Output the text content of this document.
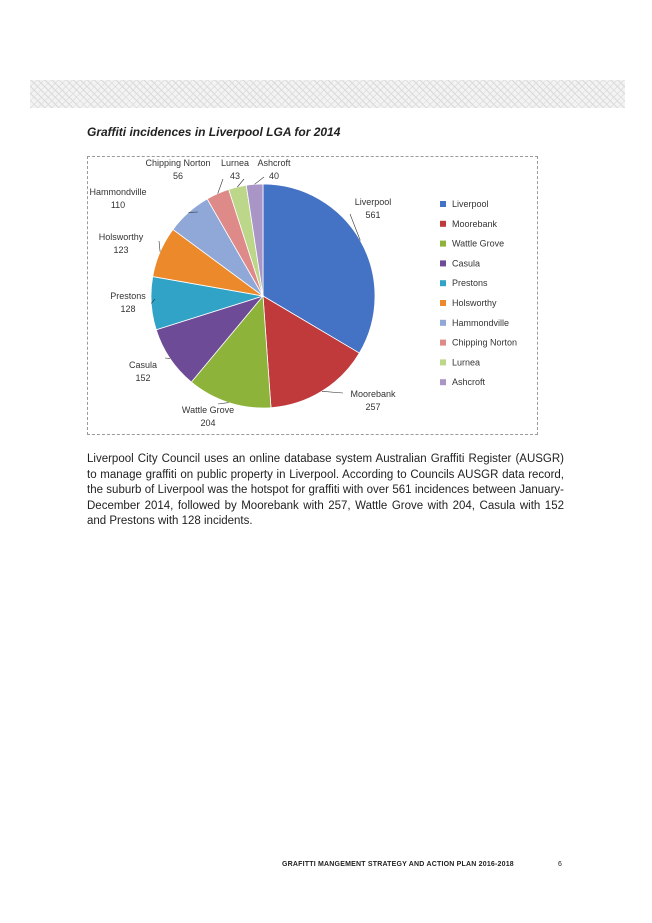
Graffiti incidences in Liverpool LGA for 2014
Liverpool
561
Moorebank
257
Wattle Grove
204
Casula
152
Prestons
128
Holsworthy
123
Hammondville
110
Chipping Norton
56
Lurnea
43
Ashcroft
40
Liverpool
Moorebank
Wattle Grove
Casula
Prestons
Holsworthy
Hammondville
Chipping Norton
Lurnea
Ashcroft
Liverpool City Council uses an online database system Australian Graffiti Register (AUSGR) to manage graffiti on public property in Liverpool. According to Councils AUSGR data record, the suburb of Liverpool was the hotspot for graffiti with over 561 incidences between January-December 2014, followed by Moorebank with 257, Wattle Grove with 204, Casula with 152 and Prestons with 128 incidents.
GRAFITTI MANGEMENT STRATEGY AND ACTION PLAN 2016-2018	6
